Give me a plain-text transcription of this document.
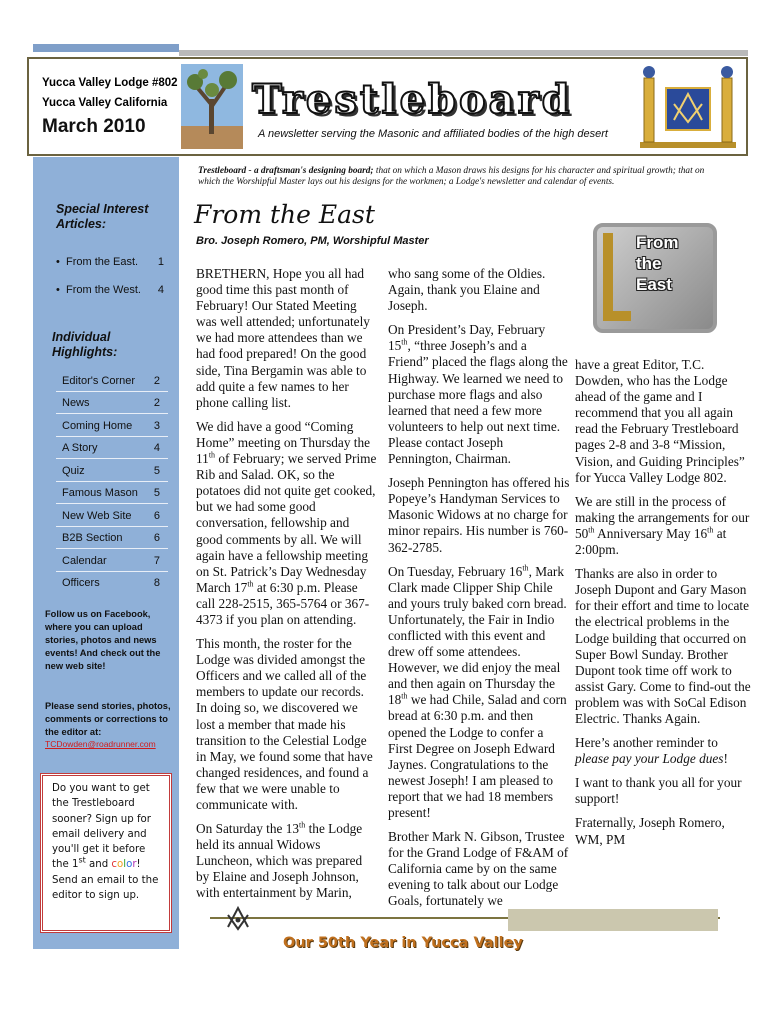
Yucca Valley Lodge #802
Yucca Valley California
March 2010
Trestleboard
A newsletter serving the Masonic and affiliated bodies of the high desert
Trestleboard - a draftsman's designing board; that on which a Mason draws his designs for his character and spiritual growth; that on which the Worshipful Master lays out his designs for the workmen; a Lodge's newsletter and calendar of events.
Special Interest Articles:
•  From the East. 1
•  From the West. 4
Individual Highlights:
Editor's Corner 2
News	2
Coming Home 3
A Story	4
Quiz	5
Famous Mason 5
New Web Site 6
B2B Section	6
Calendar	7
Officers	8
Follow us on Facebook, where you can upload stories, photos and news events! And check out the new web site!
Please send stories, photos, comments or corrections to the editor at:
TCDowden@roadrunner.com
Do you want to get the Trestleboard sooner? Sign up for email delivery and you'll get it before the 1st and color! Send an email to the editor to sign up.
From the East
Bro. Joseph Romero, PM, Worshipful Master	From
the
East

BRETHERN, Hope you all had good time this past month of February! Our Stated Meeting was well attended; unfortunately we had more attendees than we had food prepared! On the good side, Tina Bergamin was able to add quite a few names to her phone calling list.

We did have a good “Coming Home” meeting on Thursday the 11th of February; we served Prime Rib and Salad. OK, so the potatoes did not quite get cooked, but we had some good conversation, fellowship and good comments by all. We will again have a fellowship meeting on St. Patrick’s Day Wednesday March 17th at 6:30 p.m. Please call 228-2515, 365-5764 or 367-4373 if you plan on attending.

This month, the roster for the Lodge was divided amongst the Officers and we called all of the members to update our records. In doing so, we discovered we lost a member that made his transition to the Celestial Lodge in May, we found some that have changed residences, and found a few that we were unable to communicate with.

On Saturday the 13th the Lodge held its annual Widows Luncheon, which was prepared by Elaine and Joseph Johnson, with entertainment by Marin,

who sang some of the Oldies. Again, thank you Elaine and Joseph.

On President’s Day, February 15th, “three Joseph’s and a Friend” placed the flags along the Highway. We learned we need to purchase more flags and also learned that need a few more volunteers to help out next time. Please contact Joseph Pennington, Chairman.

Joseph Pennington has offered his Popeye’s Handyman Services to Masonic Widows at no charge for minor repairs. His number is 760-362-2785.

On Tuesday, February 16th, Mark Clark made Clipper Ship Chile and yours truly baked corn bread. Unfortunately, the Fair in Indio conflicted with this event and drew off some attendees. However, we did enjoy the meal and then again on Thursday the 18th we had Chile, Salad and corn bread at 6:30 p.m. and then opened the Lodge to confer a First Degree on Joseph Edward Jaynes. Congratulations to the newest Joseph! I am pleased to report that we had 18 members present!

Brother Mark N. Gibson, Trustee for the Grand Lodge of F&AM of California came by on the same evening to talk about our Lodge Goals, fortunately we

have a great Editor, T.C. Dowden, who has the Lodge ahead of the game and I recommend that you all again read the February Trestleboard pages 2-8 and 3-8 “Mission, Vision, and Guiding Principles” for Yucca Valley Lodge 802.

We are still in the process of making the arrangements for our 50th Anniversary May 16th at 2:00pm.

Thanks are also in order to Joseph Dupont and Gary Mason for their effort and time to locate the electrical problems in the Lodge building that occurred on Super Bowl Sunday. Brother Dupont took time off work to assist Gary. Come to find-out the problem was with SoCal Edison Electric. Thanks Again.

Here’s another reminder to please pay your Lodge dues!

I want to thank you all for your support!

Fraternally, Joseph Romero, WM, PM

Our 50th Year in Yucca Valley
